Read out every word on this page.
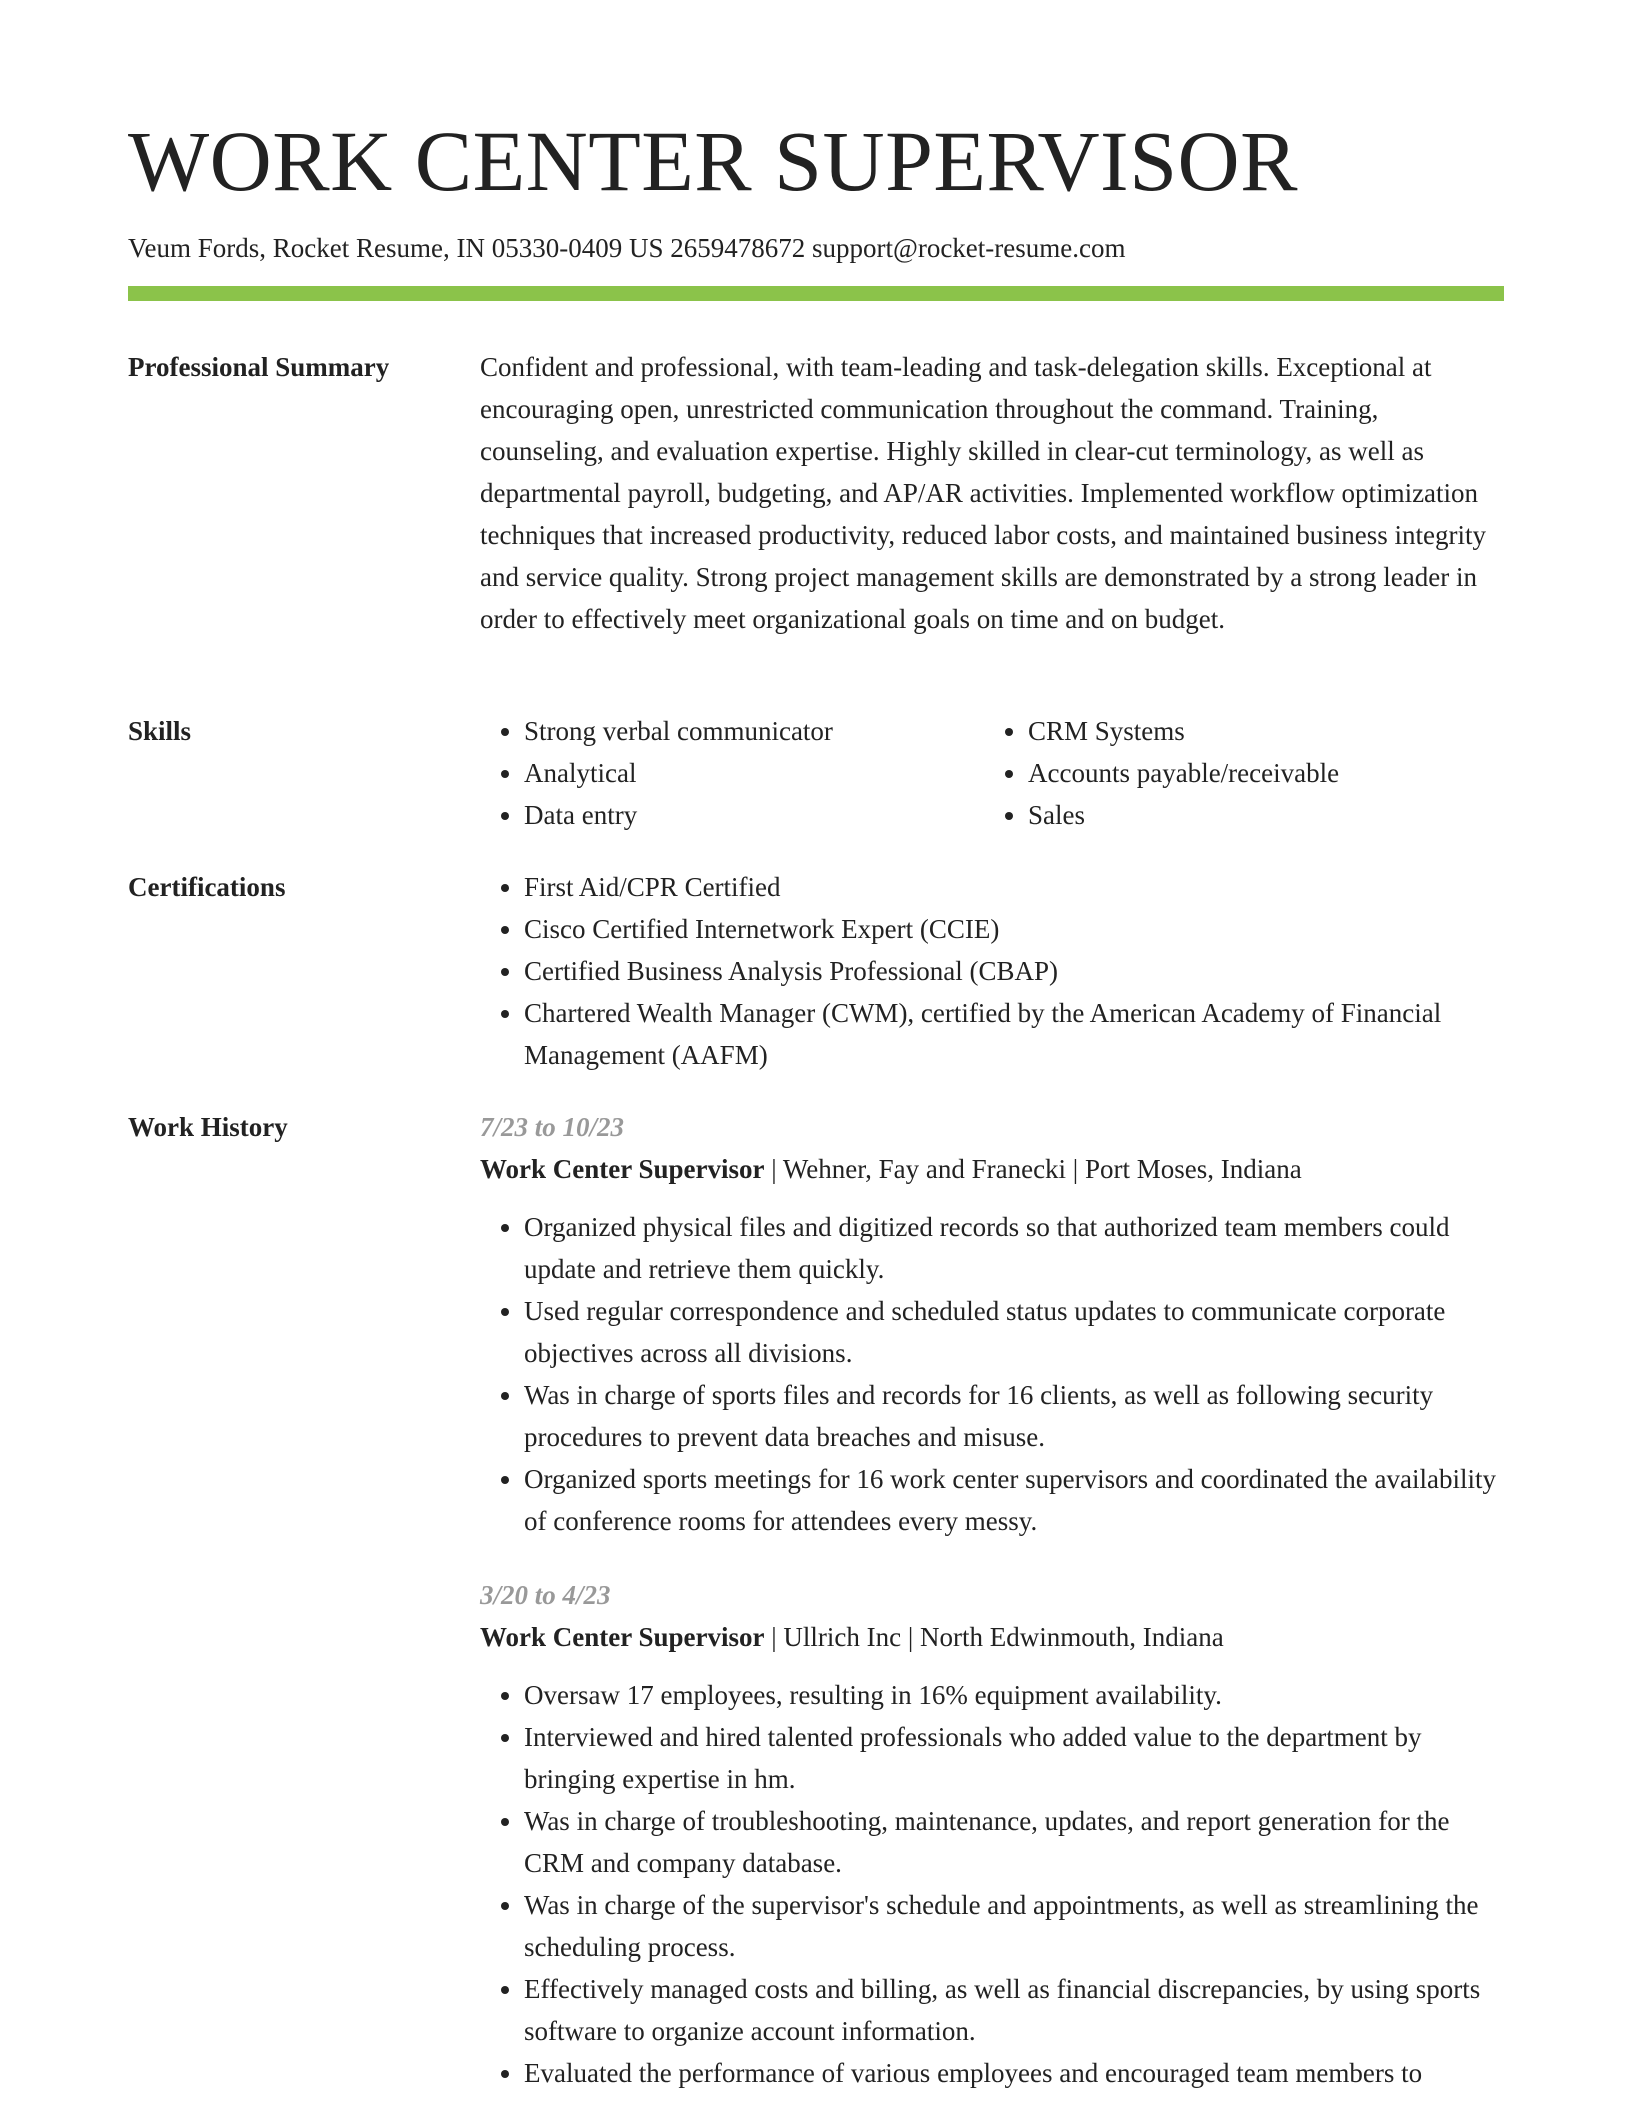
WORK CENTER SUPERVISOR
Veum Fords, Rocket Resume, IN 05330-0409 US 2659478672 support@rocket-resume.com
Professional Summary	Confident and professional, with team-leading and task-delegation skills. Exceptional at encouraging open, unrestricted communication throughout the command. Training, counseling, and evaluation expertise. Highly skilled in clear-cut terminology, as well as departmental payroll, budgeting, and AP/AR activities. Implemented workflow optimization techniques that increased productivity, reduced labor costs, and maintained business integrity and service quality. Strong project management skills are demonstrated by a strong leader in order to effectively meet organizational goals on time and on budget.

Skills	• Strong verbal communicator
• Analytical
• Data entry
• CRM Systems
• Accounts payable/receivable
• Sales
Certifications	• First Aid/CPR Certified
• Cisco Certified Internetwork Expert (CCIE)
• Certified Business Analysis Professional (CBAP)
• Chartered Wealth Manager (CWM), certified by the American Academy of Financial Management (AAFM)
Work History	7/23 to 10/23
Work Center Supervisor | Wehner, Fay and Franecki | Port Moses, Indiana
• Organized physical files and digitized records so that authorized team members could update and retrieve them quickly.
• Used regular correspondence and scheduled status updates to communicate corporate objectives across all divisions.
• Was in charge of sports files and records for 16 clients, as well as following security procedures to prevent data breaches and misuse.
• Organized sports meetings for 16 work center supervisors and coordinated the availability of conference rooms for attendees every messy.
3/20 to 4/23
Work Center Supervisor | Ullrich Inc | North Edwinmouth, Indiana
• Oversaw 17 employees, resulting in 16% equipment availability.
• Interviewed and hired talented professionals who added value to the department by bringing expertise in hm.
• Was in charge of troubleshooting, maintenance, updates, and report generation for the CRM and company database.
• Was in charge of the supervisor's schedule and appointments, as well as streamlining the scheduling process.
• Effectively managed costs and billing, as well as financial discrepancies, by using sports software to organize account information.
• Evaluated the performance of various employees and encouraged team members to
